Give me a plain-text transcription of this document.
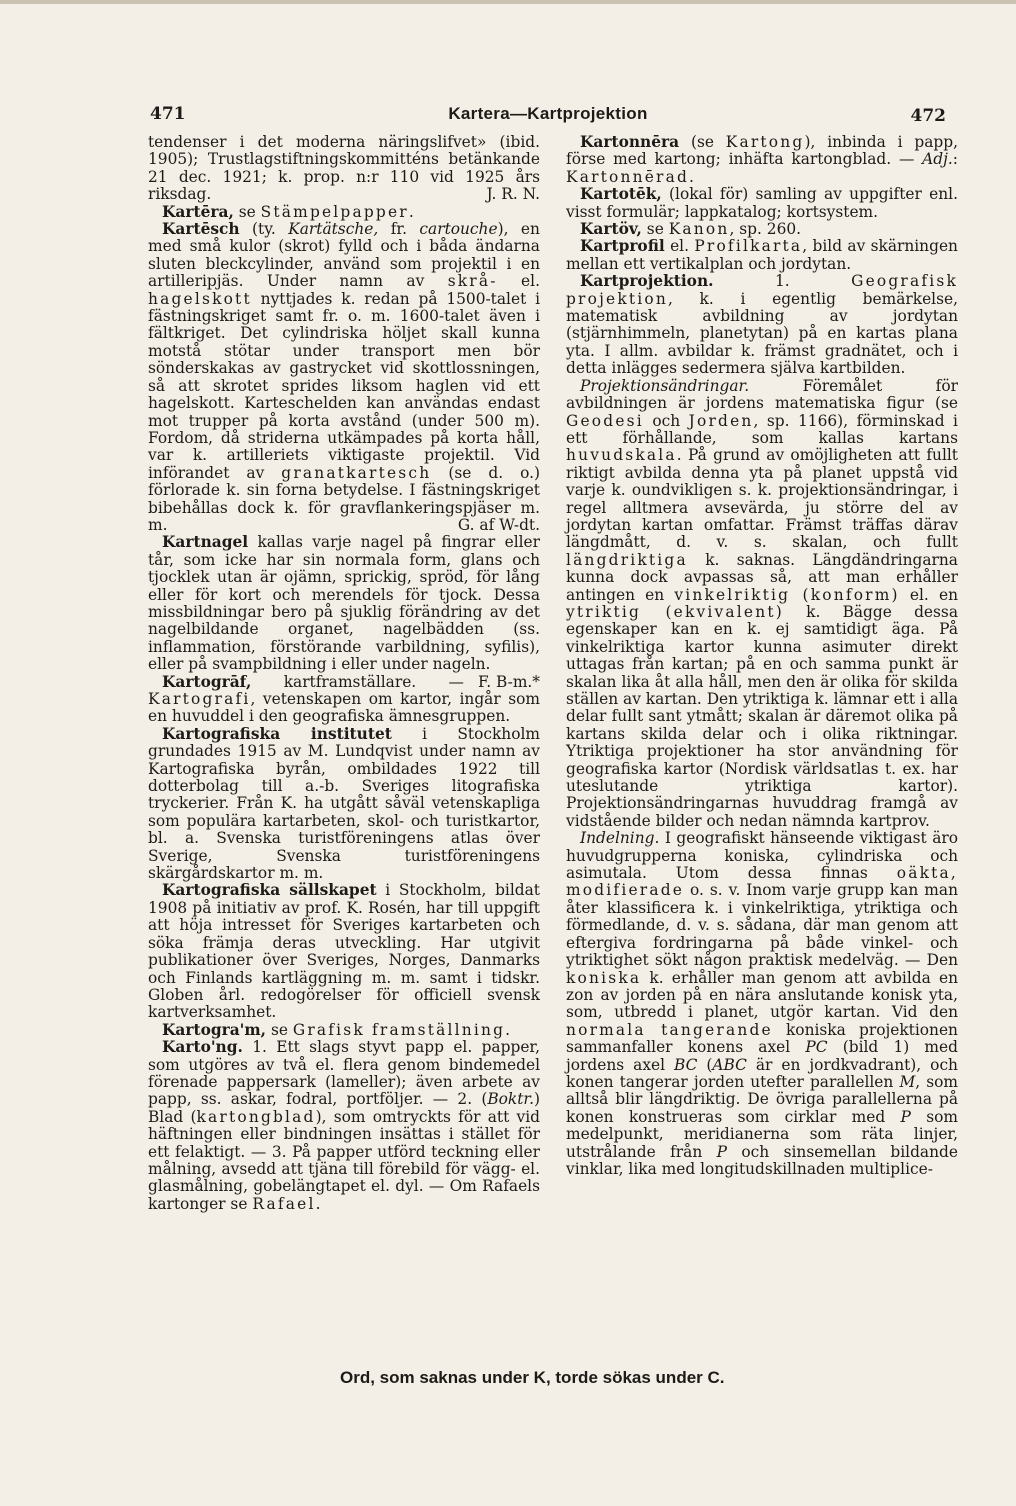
471	Kartera—Kartprojektion	472

tendenser i det moderna näringslifvet» (ibid. 1905); Trustlagstiftningskommitténs betänkande 21 dec. 1921; k. prop. n:r 110 vid 1925 års riksdag.	J. R. N.

Kartēra, se Stämpelpapper.

Kartēsch (ty. Kartätsche, fr. cartouche), en med små kulor (skrot) fylld och i båda ändarna sluten bleckcylinder, använd som projektil i en artilleripjäs. Under namn av skrå- el. hagelskott nyttjades k. redan på 1500-talet i fästningskriget samt fr. o. m. 1600-talet även i fältkriget. Det cylindriska höljet skall kunna motstå stötar under transport men bör sönderskakas av gastrycket vid skottlossningen, så att skrotet sprides liksom haglen vid ett hagelskott. Karteschelden kan användas endast mot trupper på korta avstånd (under 500 m). Fordom, då striderna utkämpades på korta håll, var k. artilleriets viktigaste projektil. Vid införandet av granatkartesch (se d. o.) förlorade k. sin forna betydelse. I fästningskriget bibehållas dock k. för gravflankeringspjäser m. m.	G. af W-dt.

Kartnagel kallas varje nagel på fingrar eller tår, som icke har sin normala form, glans och tjocklek utan är ojämn, sprickig, spröd, för lång eller för kort och merendels för tjock. Dessa missbildningar bero på sjuklig förändring av det nagelbildande organet, nagelbädden (ss. inflammation, förstörande varbildning, syfilis), eller på svampbildning i eller under nageln.
F. B-m.*

Kartogrāf, kartframställare. — Kartografi, vetenskapen om kartor, ingår som en huvuddel i den geografiska ämnesgruppen.

Kartografiska institutet i Stockholm grundades 1915 av M. Lundqvist under namn av Kartografiska byrån, ombildades 1922 till dotterbolag till a.-b. Sveriges litografiska tryckerier. Från K. ha utgått såväl vetenskapliga som populära kartarbeten, skol- och turistkartor, bl. a. Svenska turistföreningens atlas över Sverige, Svenska turistföreningens skärgårdskartor m. m.

Kartografiska sällskapet i Stockholm, bildat 1908 på initiativ av prof. K. Rosén, har till uppgift att höja intresset för Sveriges kartarbeten och söka främja deras utveckling. Har utgivit publikationer över Sveriges, Norges, Danmarks och Finlands kartläggning m. m. samt i tidskr. Globen årl. redogörelser för officiell svensk kartverksamhet.

Kartogra'm, se Grafisk framställning.

Karto'ng. 1. Ett slags styvt papp el. papper, som utgöres av två el. flera genom bindemedel förenade pappersark (lameller); även arbete av papp, ss. askar, fodral, portföljer. — 2. (Boktr.) Blad (kartongblad), som omtryckts för att vid häftningen eller bindningen insättas i stället för ett felaktigt. — 3. På papper utförd teckning eller målning, avsedd att tjäna till förebild för vägg- el. glasmålning, gobelängtapet el. dyl. — Om Rafaels kartonger se Rafael.

Kartonnēra (se Kartong), inbinda i papp, förse med kartong; inhäfta kartongblad. — Adj.: Kartonnērad.

Kartotēk, (lokal för) samling av uppgifter enl. visst formulär; lappkatalog; kortsystem.

Kartöv, se Kanon, sp. 260.

Kartprofil el. Profilkarta, bild av skärningen mellan ett vertikalplan och jordytan.

Kartprojektion.	1.	Geografisk projektion, k. i egentlig bemärkelse, matematisk avbildning av jordytan (stjärnhimmeln, planetytan) på en kartas plana yta. I allm. avbildar k. främst gradnätet, och i detta inlägges sedermera själva kartbilden.

Projektionsändringar.	Föremålet för avbildningen är jordens matematiska figur (se Geodesi och Jorden, sp. 1166), förminskad i ett förhållande, som kallas kartans huvudskala. På grund av omöjligheten att fullt riktigt avbilda denna yta på planet uppstå vid varje k. oundvikligen s. k. projektionsändringar, i regel alltmera avsevärda, ju större del av jordytan kartan omfattar. Främst träffas därav längdmått, d. v. s. skalan, och fullt längdriktiga k. saknas. Längdändringarna kunna dock avpassas så, att man erhåller antingen en vinkelriktig (konform) el. en ytriktig (ekvivalent) k. Bägge dessa egenskaper kan en k. ej samtidigt äga. På vinkelriktiga kartor kunna asimuter direkt uttagas från kartan; på en och samma punkt är skalan lika åt alla håll, men den är olika för skilda ställen av kartan. Den ytriktiga k. lämnar ett i alla delar fullt sant ytmått; skalan är däremot olika på kartans skilda delar och i olika riktningar. Ytriktiga projektioner ha stor användning för geografiska kartor (Nordisk världsatlas t. ex. har uteslutande ytriktiga kartor). Projektionsändringarnas huvuddrag framgå av vidstående bilder och nedan nämnda kartprov.

Indelning. I geografiskt hänseende viktigast äro huvudgrupperna koniska, cylindriska och asimutala. Utom dessa finnas oäkta, modifierade o. s. v. Inom varje grupp kan man åter klassificera k. i vinkelriktiga, ytriktiga och förmedlande, d. v. s. sådana, där man genom att eftergiva fordringarna på både vinkel- och ytriktighet sökt någon praktisk medelväg. — Den koniska k. erhåller man genom att avbilda en zon av jorden på en nära anslutande konisk yta, som, utbredd i planet, utgör kartan. Vid den normala tangerande koniska projektionen sammanfaller konens axel PC (bild 1) med jordens axel BC (ABC är en jordkvadrant), och konen tangerar jorden utefter parallellen M, som alltså blir längdriktig. De övriga parallellerna på konen konstrueras som cirklar med P som medelpunkt, meridianerna som räta linjer, utstrålande från P och sinsemellan bildande vinklar, lika med longitudskillnaden multiplice-

Ord, som saknas under K, torde sökas under C.
